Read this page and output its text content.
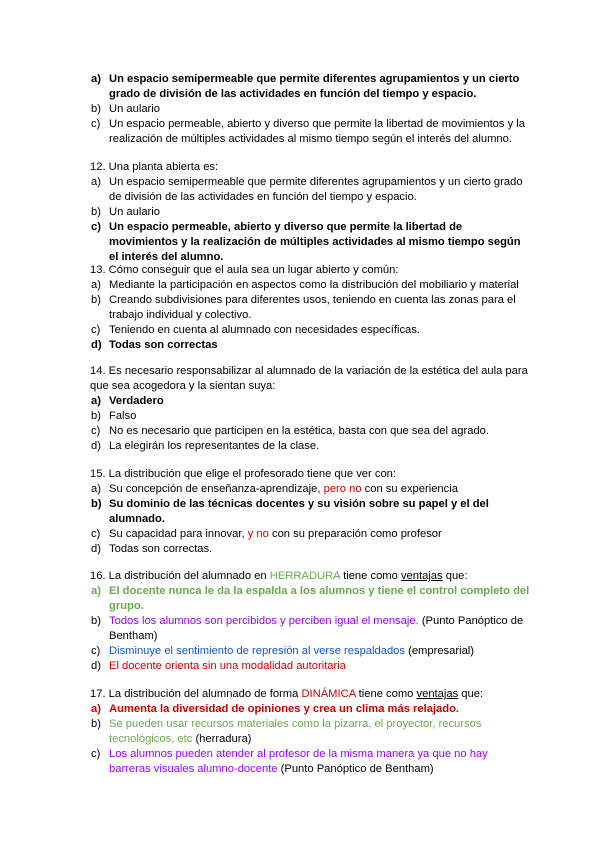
a) Un espacio semipermeable que permite diferentes agrupamientos y un cierto grado de división de las actividades en función del tiempo y espacio.
b) Un aulario
c) Un espacio permeable, abierto y diverso que permite la libertad de movimientos y la realización de múltiples actividades al mismo tiempo según el interés del alumno.
12. Una planta abierta es:
a) Un espacio semipermeable que permite diferentes agrupamientos y un cierto grado de división de las actividades en función del tiempo y espacio.
b) Un aulario
c) Un espacio permeable, abierto y diverso que permite la libertad de movimientos y la realización de múltiples actividades al mismo tiempo según el interés del alumno.
13. Cómo conseguir que el aula sea un lugar abierto y común:
a) Mediante la participación en aspectos como la distribución del mobiliario y material
b) Creando subdivisiones para diferentes usos, teniendo en cuenta las zonas para el trabajo individual y colectivo.
c) Teniendo en cuenta al alumnado con necesidades específicas.
d) Todas son correctas
14. Es necesario responsabilizar al alumnado de la variación de la estética del aula para que sea acogedora y la sientan suya:
a) Verdadero
b) Falso
c) No es necesario que participen en la estética, basta con que sea del agrado.
d) La elegirán los representantes de la clase.
15. La distribución que elige el profesorado tiene que ver con:
a) Su concepción de enseñanza-aprendizaje, pero no con su experiencia
b) Su dominio de las técnicas docentes y su visión sobre su papel y el del alumnado.
c) Su capacidad para innovar, y no con su preparación como profesor
d) Todas son correctas.
16. La distribución del alumnado en HERRADURA tiene como ventajas que:
a) El docente nunca le da la espalda a los alumnos y tiene el control completo del grupo.
b) Todos los alumnos son percibidos y perciben igual el mensaje. (Punto Panóptico de Bentham)
c) Disminuye el sentimiento de represión al verse respaldados (empresarial)
d) El docente orienta sin una modalidad autoritaria
17. La distribución del alumnado de forma DINÁMICA tiene como ventajas que:
a) Aumenta la diversidad de opiniones y crea un clima más relajado.
b) Se pueden usar recursos materiales como la pizarra, el proyector, recursos tecnológicos, etc (herradura)
c) Los alumnos pueden atender al profesor de la misma manera ya que no hay barreras visuales alumno-docente (Punto Panóptico de Bentham)
